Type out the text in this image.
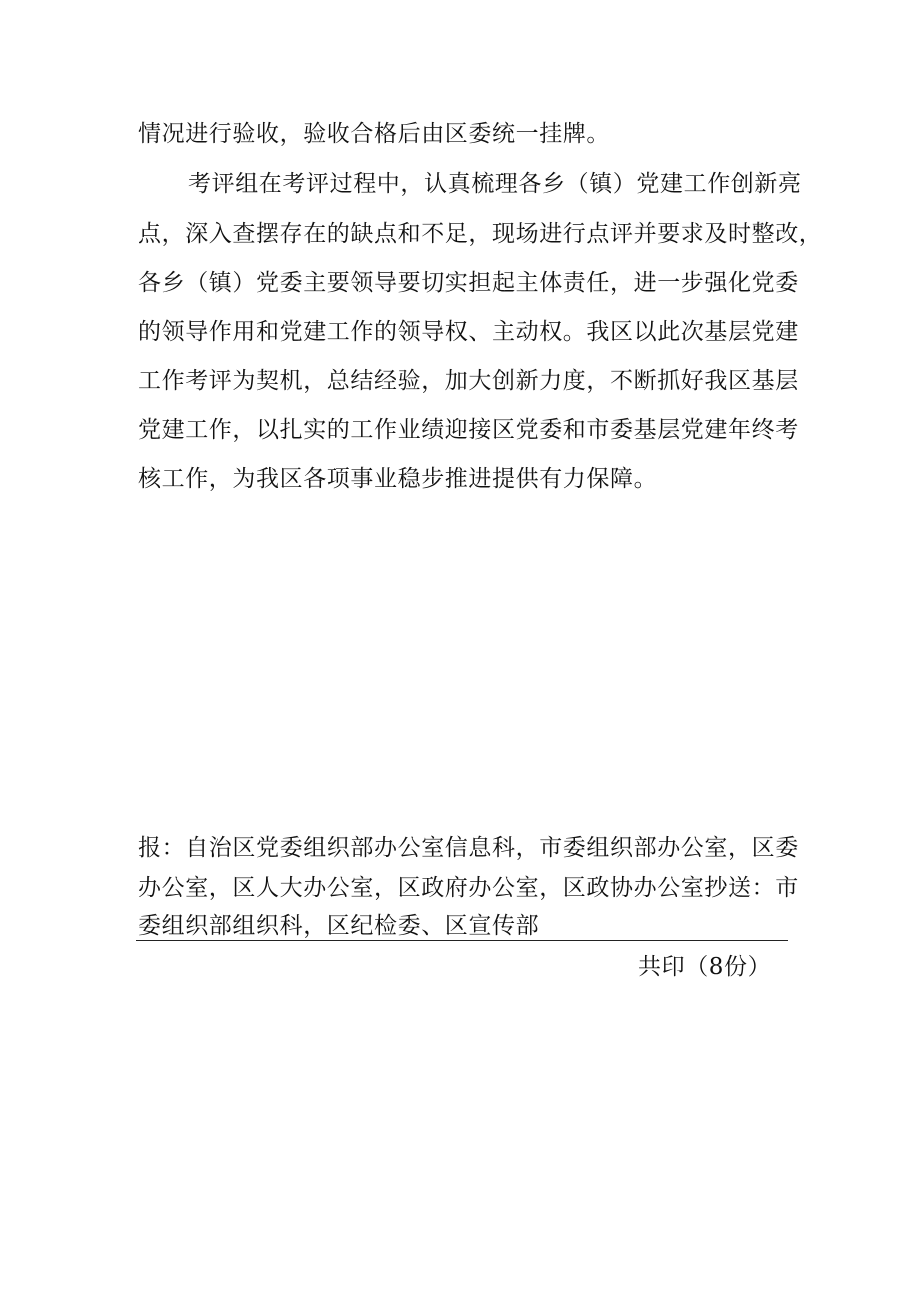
情况进行验收，验收合格后由区委统一挂牌。
考评组在考评过程中，认真梳理各乡（镇）党建工作创新亮
点，深入查摆存在的缺点和不足，现场进行点评并要求及时整改，
各乡（镇）党委主要领导要切实担起主体责任，进一步强化党委
的领导作用和党建工作的领导权、主动权。我区以此次基层党建
工作考评为契机，总结经验，加大创新力度，不断抓好我区基层
党建工作，以扎实的工作业绩迎接区党委和市委基层党建年终考
核工作，为我区各项事业稳步推进提供有力保障。
报：自治区党委组织部办公室信息科，市委组织部办公室，区委
办公室，区人大办公室，区政府办公室，区政协办公室抄送：市
委组织部组织科，区纪检委、区宣传部
共印（8份）
